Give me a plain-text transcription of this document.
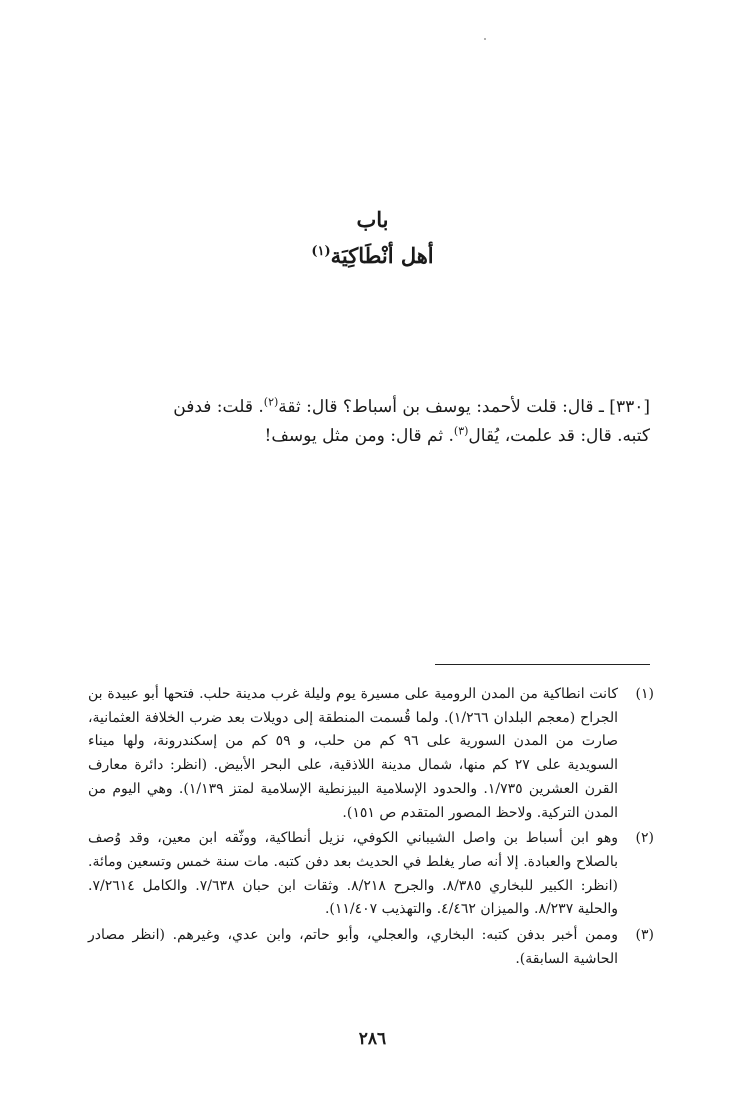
باب
أهل أنْطَاكِيَة$^{(١)}$

[٣٣٠] ـ قال: قلت لأحمد: يوسف بن أسباط؟ قال: ثقة$^{(٢)}$. قلت: فدفن

كتبه. قال: قد علمت، يُقال$^{(٣)}$. ثم قال: ومن مثل يوسف!

(١)
كانت انطاكية من المدن الرومية على مسيرة يوم وليلة غرب مدينة حلب. فتحها أبو عبيدة بن الجراح (معجم البلدان ١/٢٦٦). ولما قُسمت المنطقة إلى دويلات بعد ضرب الخلافة العثمانية، صارت من المدن السورية على ٩٦ كم من حلب، و ٥٩ كم من إسكندرونة، ولها ميناء السويدية على ٢٧ كم منها، شمال مدينة اللاذقية، على البحر الأبيض. (انظر: دائرة معارف القرن العشرين ١/٧٣٥. والحدود الإسلامية البيزنطية الإسلامية لمتز ١/١٣٩). وهي اليوم من المدن التركية. ولاحظ المصور المتقدم ص ١٥١).
(٢)
وهو ابن أسباط بن واصل الشيباني الكوفي، نزيل أنطاكية، ووثّقه ابن معين، وقد وُصف بالصلاح والعبادة. إلا أنه صار يغلط في الحديث بعد دفن كتبه. مات سنة خمس وتسعين ومائة. (انظر: الكبير للبخاري ٨/٣٨٥. والجرح ٨/٢١٨. وثقات ابن حبان ٧/٦٣٨. والكامل ٧/٢٦١٤. والحلية ٨/٢٣٧. والميزان ٤/٤٦٢. والتهذيب ١١/٤٠٧).
(٣)
وممن أخبر بدفن كتبه: البخاري، والعجلي، وأبو حاتم، وابن عدي، وغيرهم. (انظر مصادر الحاشية السابقة).
٢٨٦
